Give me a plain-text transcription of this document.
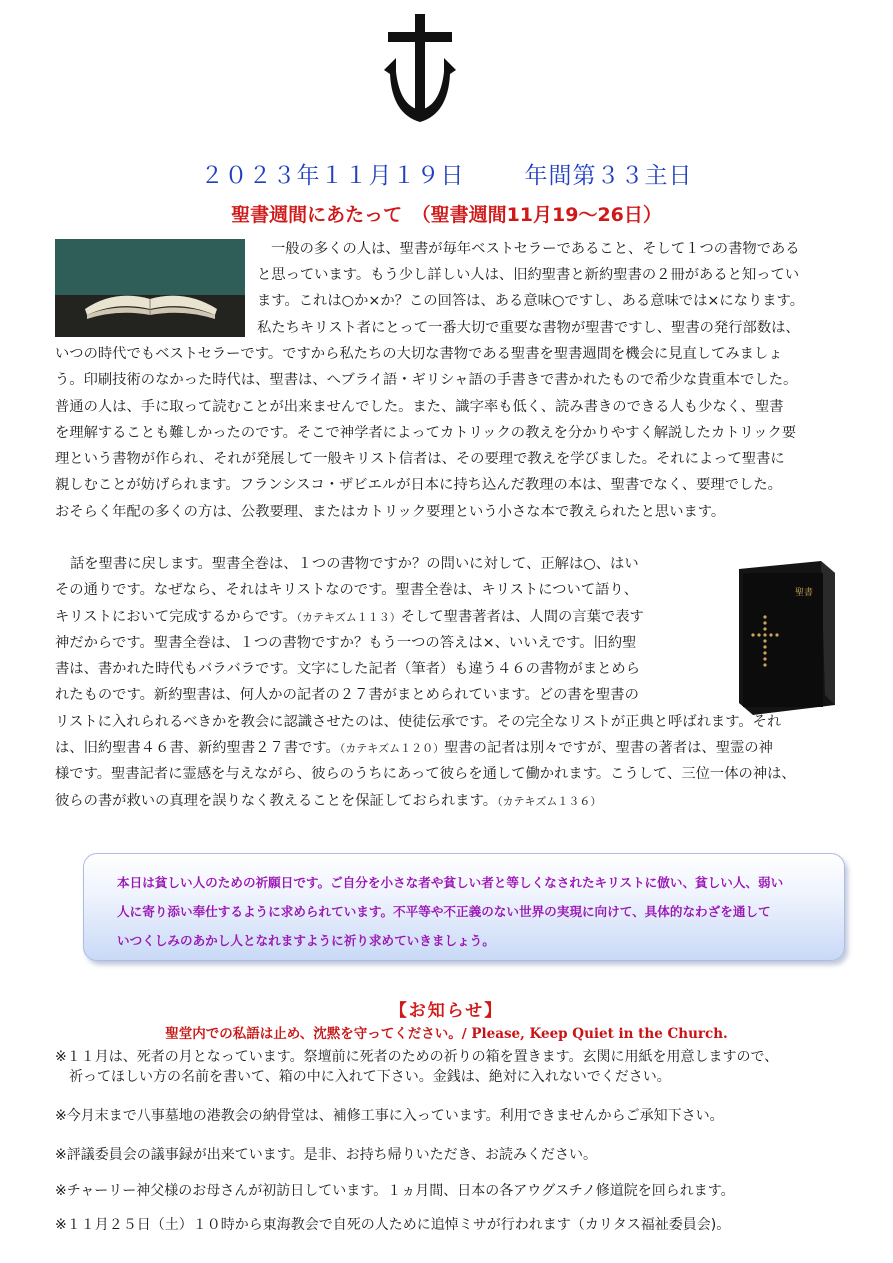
２０２３年１１月１９日	年間第３３主日
聖書週間にあたって　（聖書週間11月19～26日）
一般の多くの人は、聖書が毎年ベストセラーであること、そして１つの書物である
と思っています。もう少し詳しい人は、旧約聖書と新約聖書の２冊があると知ってい
ます。これは○か×か？この回答は、ある意味○ですし、ある意味では×になります。
私たちキリスト者にとって一番大切で重要な書物が聖書ですし、聖書の発行部数は、
いつの時代でもベストセラーです。ですから私たちの大切な書物である聖書を聖書週間を機会に見直してみましょ
う。印刷技術のなかった時代は、聖書は、へブライ語・ギリシャ語の手書きで書かれたもので希少な貴重本でした。
普通の人は、手に取って読むことが出来ませんでした。また、識字率も低く、読み書きのできる人も少なく、聖書
を理解することも難しかったのです。そこで神学者によってカトリックの教えを分かりやすく解説したカトリック要
理という書物が作られ、それが発展して一般キリスト信者は、その要理で教えを学びました。それによって聖書に
親しむことが妨げられます。フランシスコ・ザビエルが日本に持ち込んだ教理の本は、聖書でなく、要理でした。
おそらく年配の多くの方は、公教要理、またはカトリック要理という小さな本で教えられたと思います。
聖書
話を聖書に戻します。聖書全巻は、１つの書物ですか？の問いに対して、正解は○、はい
その通りです。なぜなら、それはキリストなのです。聖書全巻は、キリストについて語り、
キリストにおいて完成するからです。（カテキズム１１３）そして聖書著者は、人間の言葉で表す
神だからです。聖書全巻は、１つの書物ですか？もう一つの答えは×、いいえです。旧約聖
書は、書かれた時代もバラバラです。文字にした記者（筆者）も違う４６の書物がまとめら
れたものです。新約聖書は、何人かの記者の２７書がまとめられています。どの書を聖書の
リストに入れられるべきかを教会に認識させたのは、使徒伝承です。その完全なリストが正典と呼ばれます。それ
は、旧約聖書４６書、新約聖書２７書です。（カテキズム１２０）聖書の記者は別々ですが、聖書の著者は、聖霊の神
様です。聖書記者に霊感を与えながら、彼らのうちにあって彼らを通して働かれます。こうして、三位一体の神は、
彼らの書が救いの真理を誤りなく教えることを保証しておられます。（カテキズム１３６）
本日は貧しい人のための祈願日です。ご自分を小さな者や貧しい者と等しくなされたキリストに倣い、貧しい人、弱い
人に寄り添い奉仕するように求められています。不平等や不正義のない世界の実現に向けて、具体的なわざを通して
いつくしみのあかし人となれますように祈り求めていきましょう。
【お知らせ】
聖堂内での私語は止め、沈黙を守ってください。/ Please, Keep Quiet in the Church.
※１１月は、死者の月となっています。祭壇前に死者のための祈りの箱を置きます。玄関に用紙を用意しますので、
　祈ってほしい方の名前を書いて、箱の中に入れて下さい。金銭は、絶対に入れないでください。
※今月末まで八事墓地の港教会の納骨堂は、補修工事に入っています。利用できませんからご承知下さい。
※評議委員会の議事録が出来ています。是非、お持ち帰りいただき、お読みください。
※チャーリー神父様のお母さんが初訪日しています。１ヵ月間、日本の各アウグスチノ修道院を回られます。
※１１月２５日（土）１０時から東海教会で自死の人ために追悼ミサが行われます（カリタス福祉委員会)。
